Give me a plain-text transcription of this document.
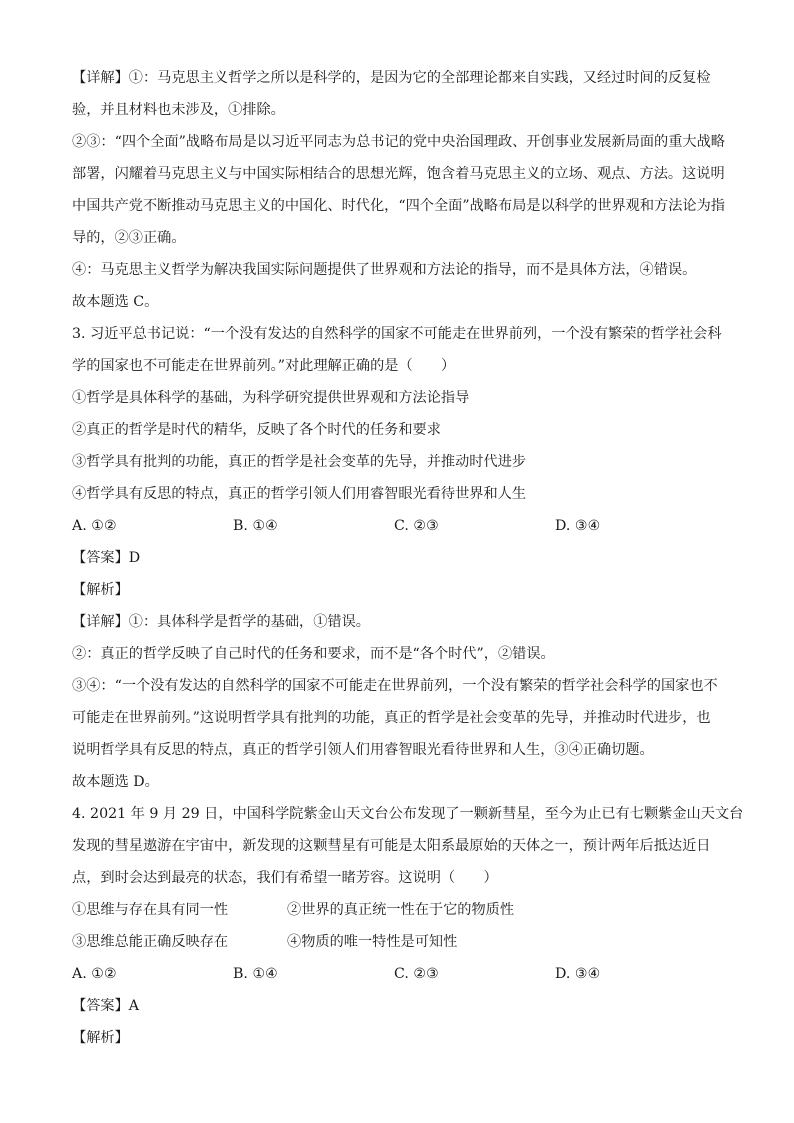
【详解】①：马克思主义哲学之所以是科学的，是因为它的全部理论都来自实践，又经过时间的反复检
验，并且材料也未涉及，①排除。
②③：“四个全面”战略布局是以习近平同志为总书记的党中央治国理政、开创事业发展新局面的重大战略
部署，闪耀着马克思主义与中国实际相结合的思想光辉，饱含着马克思主义的立场、观点、方法。这说明
中国共产党不断推动马克思主义的中国化、时代化，“四个全面”战略布局是以科学的世界观和方法论为指
导的，②③正确。
④：马克思主义哲学为解决我国实际问题提供了世界观和方法论的指导，而不是具体方法，④错误。
故本题选 C。
3. 习近平总书记说：“一个没有发达的自然科学的国家不可能走在世界前列，一个没有繁荣的哲学社会科
学的国家也不可能走在世界前列。”对此理解正确的是（　　）
①哲学是具体科学的基础，为科学研究提供世界观和方法论指导
②真正的哲学是时代的精华，反映了各个时代的任务和要求
③哲学具有批判的功能，真正的哲学是社会变革的先导，并推动时代进步
④哲学具有反思的特点，真正的哲学引领人们用睿智眼光看待世界和人生
A. ①②	B. ①④	C. ②③	D. ③④
【答案】D
【解析】
【详解】①：具体科学是哲学的基础，①错误。
②：真正的哲学反映了自己时代的任务和要求，而不是“各个时代”，②错误。
③④：“一个没有发达的自然科学的国家不可能走在世界前列，一个没有繁荣的哲学社会科学的国家也不
可能走在世界前列。”这说明哲学具有批判的功能，真正的哲学是社会变革的先导，并推动时代进步，也
说明哲学具有反思的特点，真正的哲学引领人们用睿智眼光看待世界和人生，③④正确切题。
故本题选 D。
4. 2021 年 9 月 29 日，中国科学院紫金山天文台公布发现了一颗新彗星，至今为止已有七颗紫金山天文台
发现的彗星遨游在宇宙中，新发现的这颗彗星有可能是太阳系最原始的天体之一，预计两年后抵达近日
点，到时会达到最亮的状态，我们有希望一睹芳容。这说明（　　）
①思维与存在具有同一性	②世界的真正统一性在于它的物质性
③思维总能正确反映存在	④物质的唯一特性是可知性
A. ①②	B. ①④	C. ②③	D. ③④
【答案】A
【解析】
